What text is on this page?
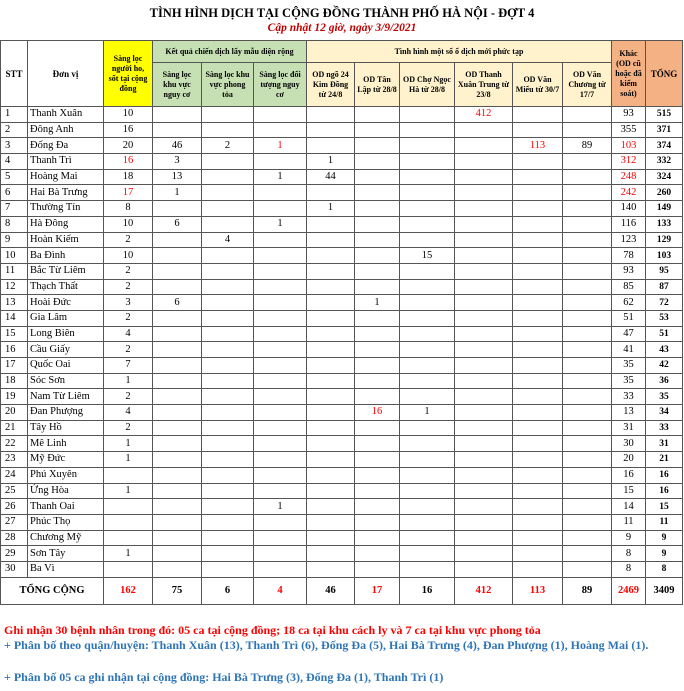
TÌNH HÌNH DỊCH TẠI CỘNG ĐỒNG THÀNH PHỐ HÀ NỘI - ĐỢT 4
Cập nhật 12 giờ, ngày 3/9/2021
STT	Đơn vị	Sàng lọc người ho, sốt tại cộng đồng	Kết quả chiến dịch lấy mẫu diện rộng			Tình hình một số ổ dịch mới phức tạp						Khác (OD cũ hoặc đã kiểm soát)	TỔNG
			Sàng lọc khu vực nguy cơ	Sàng lọc khu vực phong tỏa	Sàng lọc đối tượng nguy cơ	OD ngõ 24 Kim Đồng từ 24/8	OD Tân Lập từ 28/8	OD Chợ Ngọc Hà từ 28/8	OD Thanh Xuân Trung từ 23/8	OD Văn Miếu từ 30/7	OD Văn Chương từ 17/7		
1	Thanh Xuân	10							412			93	515
2	Đông Anh	16										355	371
3	Đống Đa	20	46	2	1					113	89	103	374
4	Thanh Trì	16	3			1						312	332
5	Hoàng Mai	18	13		1	44						248	324
6	Hai Bà Trưng	17	1									242	260
7	Thường Tín	8				1						140	149
8	Hà Đông	10	6		1							116	133
9	Hoàn Kiếm	2		4								123	129
10	Ba Đình	10						15				78	103
11	Bắc Từ Liêm	2										93	95
12	Thạch Thất	2										85	87
13	Hoài Đức	3	6				1					62	72
14	Gia Lâm	2										51	53
15	Long Biên	4										47	51
16	Cầu Giấy	2										41	43
17	Quốc Oai	7										35	42
18	Sóc Sơn	1										35	36
19	Nam Từ Liêm	2										33	35
20	Đan Phượng	4					16	1				13	34
21	Tây Hồ	2										31	33
22	Mê Linh	1										30	31
23	Mỹ Đức	1										20	21
24	Phú Xuyên											16	16
25	Ứng Hòa	1										15	16
26	Thanh Oai				1							14	15
27	Phúc Thọ											11	11
28	Chương Mỹ											9	9
29	Sơn Tây	1										8	9
30	Ba Vì											8	8
TỔNG CỘNG		162	75	6	4	46	17	16	412	113	89	2469	3409
Ghi nhận 30 bệnh nhân trong đó: 05 ca tại cộng đồng; 18 ca tại khu cách ly và 7 ca tại khu vực phong tỏa
+ Phân bố theo quận/huyện: Thanh Xuân (13), Thanh Trì (6), Đống Đa (5), Hai Bà Trưng (4), Đan Phượng (1), Hoàng Mai (1).
+ Phân bố 05 ca ghi nhận tại cộng đồng: Hai Bà Trưng (3), Đống Đa (1), Thanh Trì (1)
